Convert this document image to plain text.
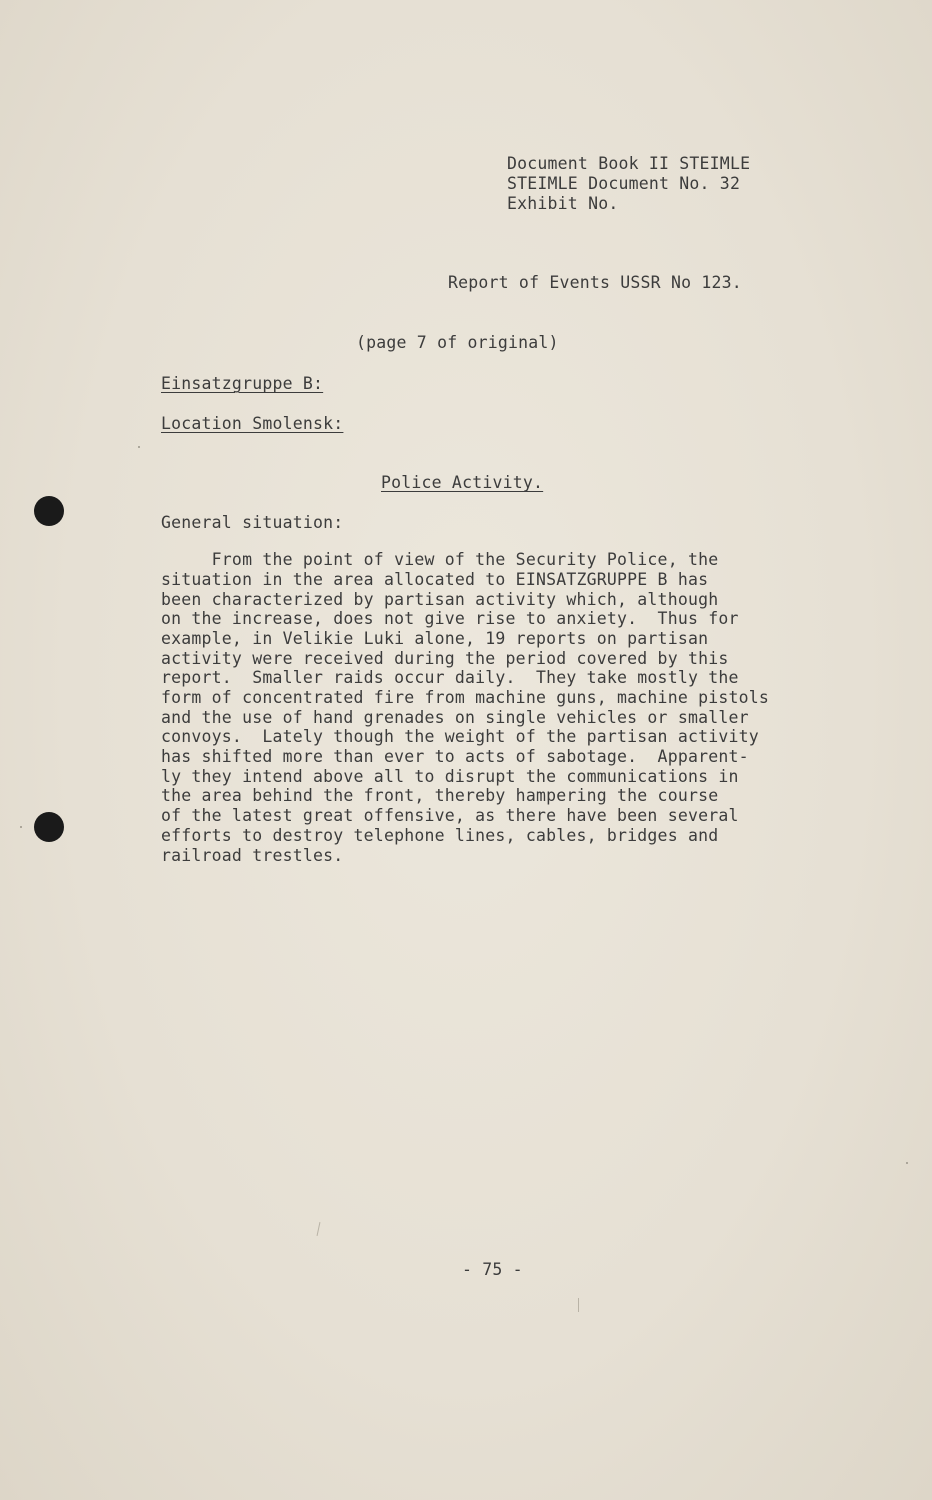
Document Book II STEIMLE
STEIMLE Document No. 32
Exhibit No.
Report of Events USSR No 123.
(page 7 of original)
Einsatzgruppe B:
Location Smolensk:
Police Activity.
General situation:
From the point of view of the Security Police, the
situation in the area allocated to EINSATZGRUPPE B has
been characterized by partisan activity which, although
on the increase, does not give rise to anxiety.  Thus for
example, in Velikie Luki alone, 19 reports on partisan
activity were received during the period covered by this
report.  Smaller raids occur daily.  They take mostly the
form of concentrated fire from machine guns, machine pistols
and the use of hand grenades on single vehicles or smaller
convoys.  Lately though the weight of the partisan activity
has shifted more than ever to acts of sabotage.  Apparent-
ly they intend above all to disrupt the communications in
the area behind the front, thereby hampering the course
of the latest great offensive, as there have been several
efforts to destroy telephone lines, cables, bridges and
railroad trestles.
- 75 -
